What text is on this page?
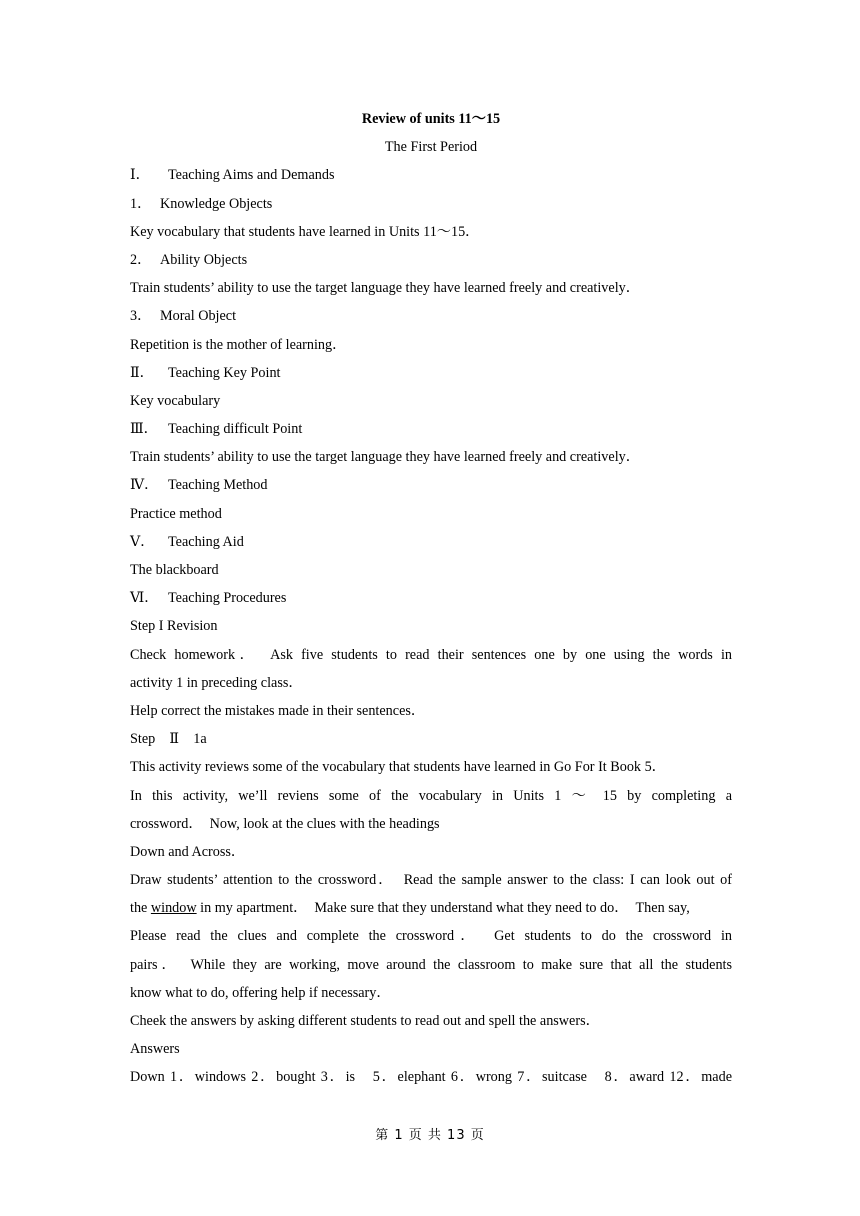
Review of units 11～15
The First Period
Ⅰ． Teaching Aims and Demands
1． Knowledge Objects
Key vocabulary that students have learned in Units 11～15．
2． Ability Objects
Train students’ ability to use the target language they have learned freely and creatively．
3． Moral Object
Repetition is the mother of learning．
Ⅱ． Teaching Key Point
Key vocabulary
Ⅲ． Teaching difficult Point
Train students’ ability to use the target language they have learned freely and creatively．
Ⅳ． Teaching Method
Practice method
Ⅴ． Teaching Aid
The blackboard
Ⅵ． Teaching Procedures
Step I Revision
Check homework．　Ask five students to read their sentences one by one using the words in
activity 1 in preceding class．
Help correct the mistakes made in their sentences．
Step　Ⅱ　1a
This activity reviews some of the vocabulary that students have learned in Go For It Book 5．
In this activity, we’ll reviens some of the vocabulary in Units 1 ～ 15 by completing a
crossword．　Now, look at the clues with the headings
Down and Across．
Draw students’ attention to the crossword．　Read the sample answer to the class: I can look out of
the window in my apartment．　Make sure that they understand what they need to do．　Then say,
Please read the clues and complete the crossword．　Get students to do the crossword in
pairs．　While they are working, move around the classroom to make sure that all the students
know what to do, offering help if necessary．
Cheek the answers by asking different students to read out and spell the answers．
Answers
Down 1．windows 2．bought 3．is　5．elephant 6．wrong 7．suitcase　8．award 12．made
第 1 页 共 13 页
